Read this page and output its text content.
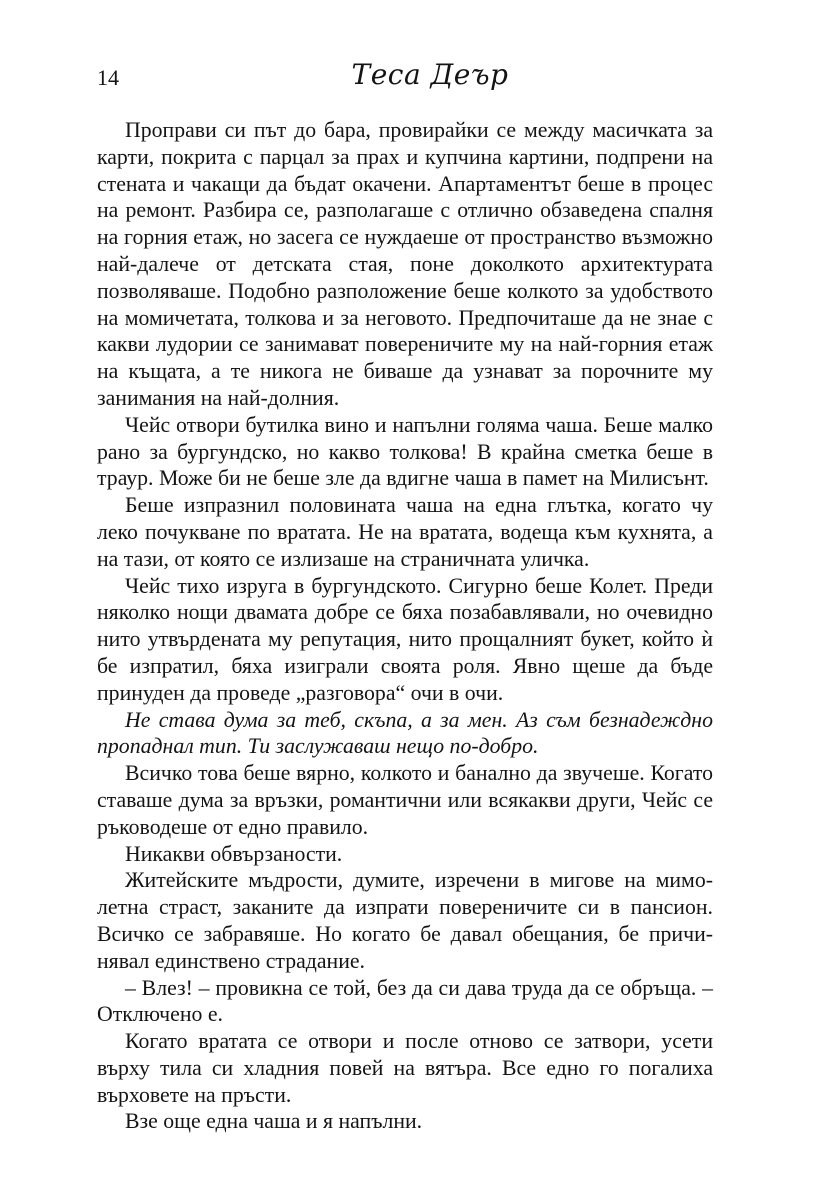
14	Теса Деър

Проправи си път до бара, провирайки се между масичката за карти, покрита с парцал за прах и купчина картини, подпрени на стената и чакащи да бъдат окачени. Апартаментът беше в процес на ремонт. Разбира се, разполагаше с отлично обзаведена спалня на горния етаж, но засега се нуждаеше от пространство възможно най-далече от детската стая, поне доколкото архитектурата позволяваше. Подобно разположение беше колкото за удобството на момичетата, толкова и за неговото. Предпочиташе да не знае с какви лудории се занимават повереничите му на най-горния етаж на къщата, а те никога не биваше да узнават за порочните му занимания на най-долния.

Чейс отвори бутилка вино и напълни голяма чаша. Беше малко рано за бургундско, но какво толкова! В крайна сметка беше в траур. Може би не беше зле да вдигне чаша в памет на Милисънт.

Беше изпразнил половината чаша на една глътка, когато чу леко почукване по вратата. Не на вратата, водеща към кухнята, а на тази, от която се излизаше на страничната уличка.

Чейс тихо изруга в бургундското. Сигурно беше Колет. Преди няколко нощи двамата добре се бяха позабавлявали, но очевидно нито утвърдената му репутация, нито прощалният букет, който ѝ бе изпратил, бяха изиграли своята роля. Явно щеше да бъде принуден да проведе „разговора“ очи в очи.

Не става дума за теб, скъпа, а за мен. Аз съм безнадеждно пропаднал тип. Ти заслужаваш нещо по-добро.

Всичко това беше вярно, колкото и банално да звучеше. Когато ставаше дума за връзки, романтични или всякакви други, Чейс се ръководеше от едно правило.

Никакви обвързаности.

Житейските мъдрости, думите, изречени в мигове на мимолетна страст, заканите да изпрати повереничите си в пансион. Всичко се забравяше. Но когато бе давал обещания, бе причинявал единствено страдание.

– Влез! – провикна се той, без да си дава труда да се обръща. – Отключено е.

Когато вратата се отвори и после отново се затвори, усети върху тила си хладния повей на вятъра. Все едно го погалиха върховете на пръсти.

Взе още една чаша и я напълни.
